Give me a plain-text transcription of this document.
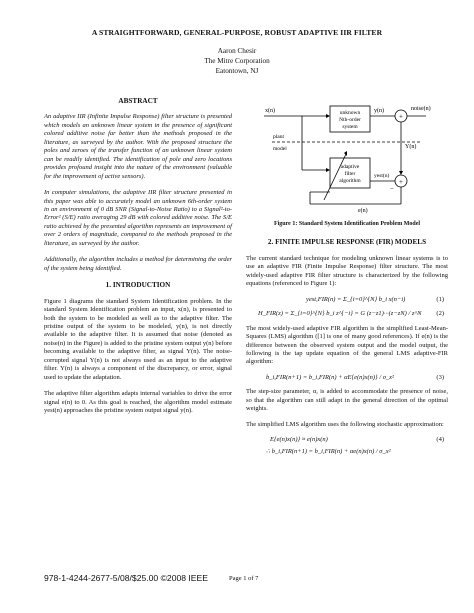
A STRAIGHTFORWARD, GENERAL-PURPOSE, ROBUST ADAPTIVE IIR FILTER
Aaron Chesir
The Mitre Corporation
Eatontown, NJ
ABSTRACT

An adaptive IIR (Infinite Impulse Response) filter structure is presented which models an unknown linear system in the presence of significant colored additive noise far better than the methods proposed in the literature, as surveyed by the author. With the proposed structure the poles and zeroes of the transfer function of an unknown linear system can be readily identified. The identification of pole and zero locations provides profound insight into the nature of the environment (valuable for the improvement of active sensors).

In computer simulations, the adaptive IIR filter structure presented in this paper was able to accurately model an unknown 6th-order system in an environment of 0 dB SNR (Signal-to-Noise Ratio) to a Signal²-to-Error² (S/E) ratio averaging 29 dB with colored additive noise. The S/E ratio achieved by the presented algorithm represents an improvement of over 2 orders of magnitude, compared to the methods proposed in the literature, as surveyed by the author.

Additionally, the algorithm includes a method for determining the order of the system being identified.

1. INTRODUCTION

Figure 1 diagrams the standard System Identification problem. In the standard System Identification problem an input, x(n), is presented to both the system to be modeled as well as to the adaptive filter. The pristine output of the system to be modeled, y(n), is not directly available to the adaptive filter. It is assumed that noise (denoted as noise(n) in the Figure) is added to the pristine system output y(n) before becoming available to the adaptive filter, as signal Y(n). The noise-corrupted signal Y(n) is not always used as an input to the adaptive filter. Y(n) is always a component of the discrepancy, or error, signal used to update the adaptation.

The adaptive filter algorithm adapts internal variables to drive the error signal e(n) to 0. As this goal is reached, the algorithm model estimate yest(n) approaches the pristine system output signal y(n).

x(n)	unknown
Nth-order
system
y(n)
+
noise(n)
Y(n)
plant
model
adaptive
filter
algorithm
yest(n)
+
−
e(n)
Figure 1: Standard System Identification Problem Model
2. FINITE IMPULSE RESPONSE (FIR) MODELS

The current standard technique for modeling unknown linear systems is to use an adaptive FIR (Finite Impulse Response) filter structure. The most widely-used adaptive FIR filter structure is characterized by the following equations (referenced to Figure 1):

yest,FIR(n) = Σ_{i=0}^{N} b_i x(n−i)	(1)
H_FIR(z) = Σ_{i=0}^{N} b_i z^{−i} = G (z−z1)···(z−zN) / z^N (2)

The most widely-used adaptive FIR algorithm is the simplified Least-Mean-Squares (LMS) algorithm ([1] is one of many good references). If e(n) is the difference between the observed system output and the model output, the following is the tap update equation of the general LMS adaptive-FIR algorithm:

b_i,FIR(n+1) = b_i,FIR(n) + αE{e(n)x(n)} / σ_x²	(3)

The step-size parameter, α, is added to accommodate the presence of noise, so that the algorithm can still adapt in the general direction of the optimal weights.

The simplified LMS algorithm uses the following stochastic approximation:

E{e(n)x(n)} ≈ e(n)x(n)	(4)
∴ b_i,FIR(n+1) = b_i,FIR(n) + αe(n)x(n) / σ_x²
978-1-4244-2677-5/08/$25.00 ©2008 IEEE	Page 1 of 7
